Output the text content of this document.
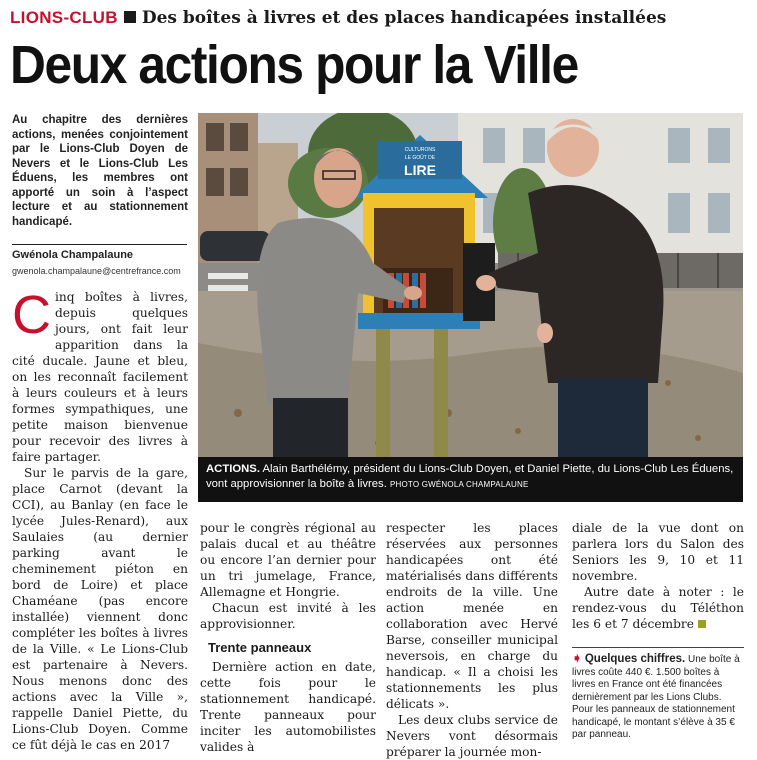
LIONS-CLUB Des boîtes à livres et des places handicapées installées
Deux actions pour la Ville
Au chapitre des dernières actions, menées conjointement par le Lions-Club Doyen de Nevers et le Lions-Club Les Éduens, les membres ont apporté un soin à l’aspect lecture et au stationnement handicapé.
Gwénola Champalaune
gwenola.champalaune@centrefrance.com

Cinq boîtes à livres, depuis quelques jours, ont fait leur apparition dans la cité ducale. Jaune et bleu, on les reconnaît facilement à leurs couleurs et à leurs formes sympathiques, une petite maison bienvenue pour recevoir des livres à faire partager.

Sur le parvis de la gare, place Carnot (devant la CCI), au Banlay (en face le lycée Jules-Renard), aux Saulaies (au dernier parking avant le cheminement piéton en bord de Loire) et place Chaméane (pas encore installée) viennent donc compléter les boîtes à livres de la Ville. « Le Lions-Club est partenaire à Nevers. Nous menons donc des actions avec la Ville », rappelle Daniel Piette, du Lions-Club Doyen. Comme ce fût déjà le cas en 2017

CULTURONS
LE GOÛT DE
LIRE
ACTIONS. Alain Barthélémy, président du Lions-Club Doyen, et Daniel Piette, du Lions-Club Les Éduens, vont approvisionner la boîte à livres. PHOTO GWÉNOLA CHAMPALAUNE

pour le congrès régional au palais ducal et au théâtre ou encore l’an dernier pour un tri jumelage, France, Allemagne et Hongrie.

Chacun est invité à les approvisionner.

Trente panneaux

Dernière action en date, cette fois pour le stationnement handicapé. Trente panneaux pour inciter les automobilistes valides à

respecter les places réservées aux personnes handicapées ont été matérialisés dans différents endroits de la ville. Une action menée en collaboration avec Hervé Barse, conseiller municipal neversois, en charge du handicap. « Il a choisi les stationnements les plus délicats ».

Les deux clubs service de Nevers vont désormais préparer la journée mon-

diale de la vue dont on parlera lors du Salon des Seniors les 9, 10 et 11 novembre.

Autre date à noter : le rendez-vous du Téléthon les 6 et 7 décembre

➧ Quelques chiffres. Une boîte à livres coûte 440 €. 1.500 boîtes à livres en France ont été financées dernièrement par les Lions Clubs. Pour les panneaux de stationnement handicapé, le montant s’élève à 35 € par panneau.
